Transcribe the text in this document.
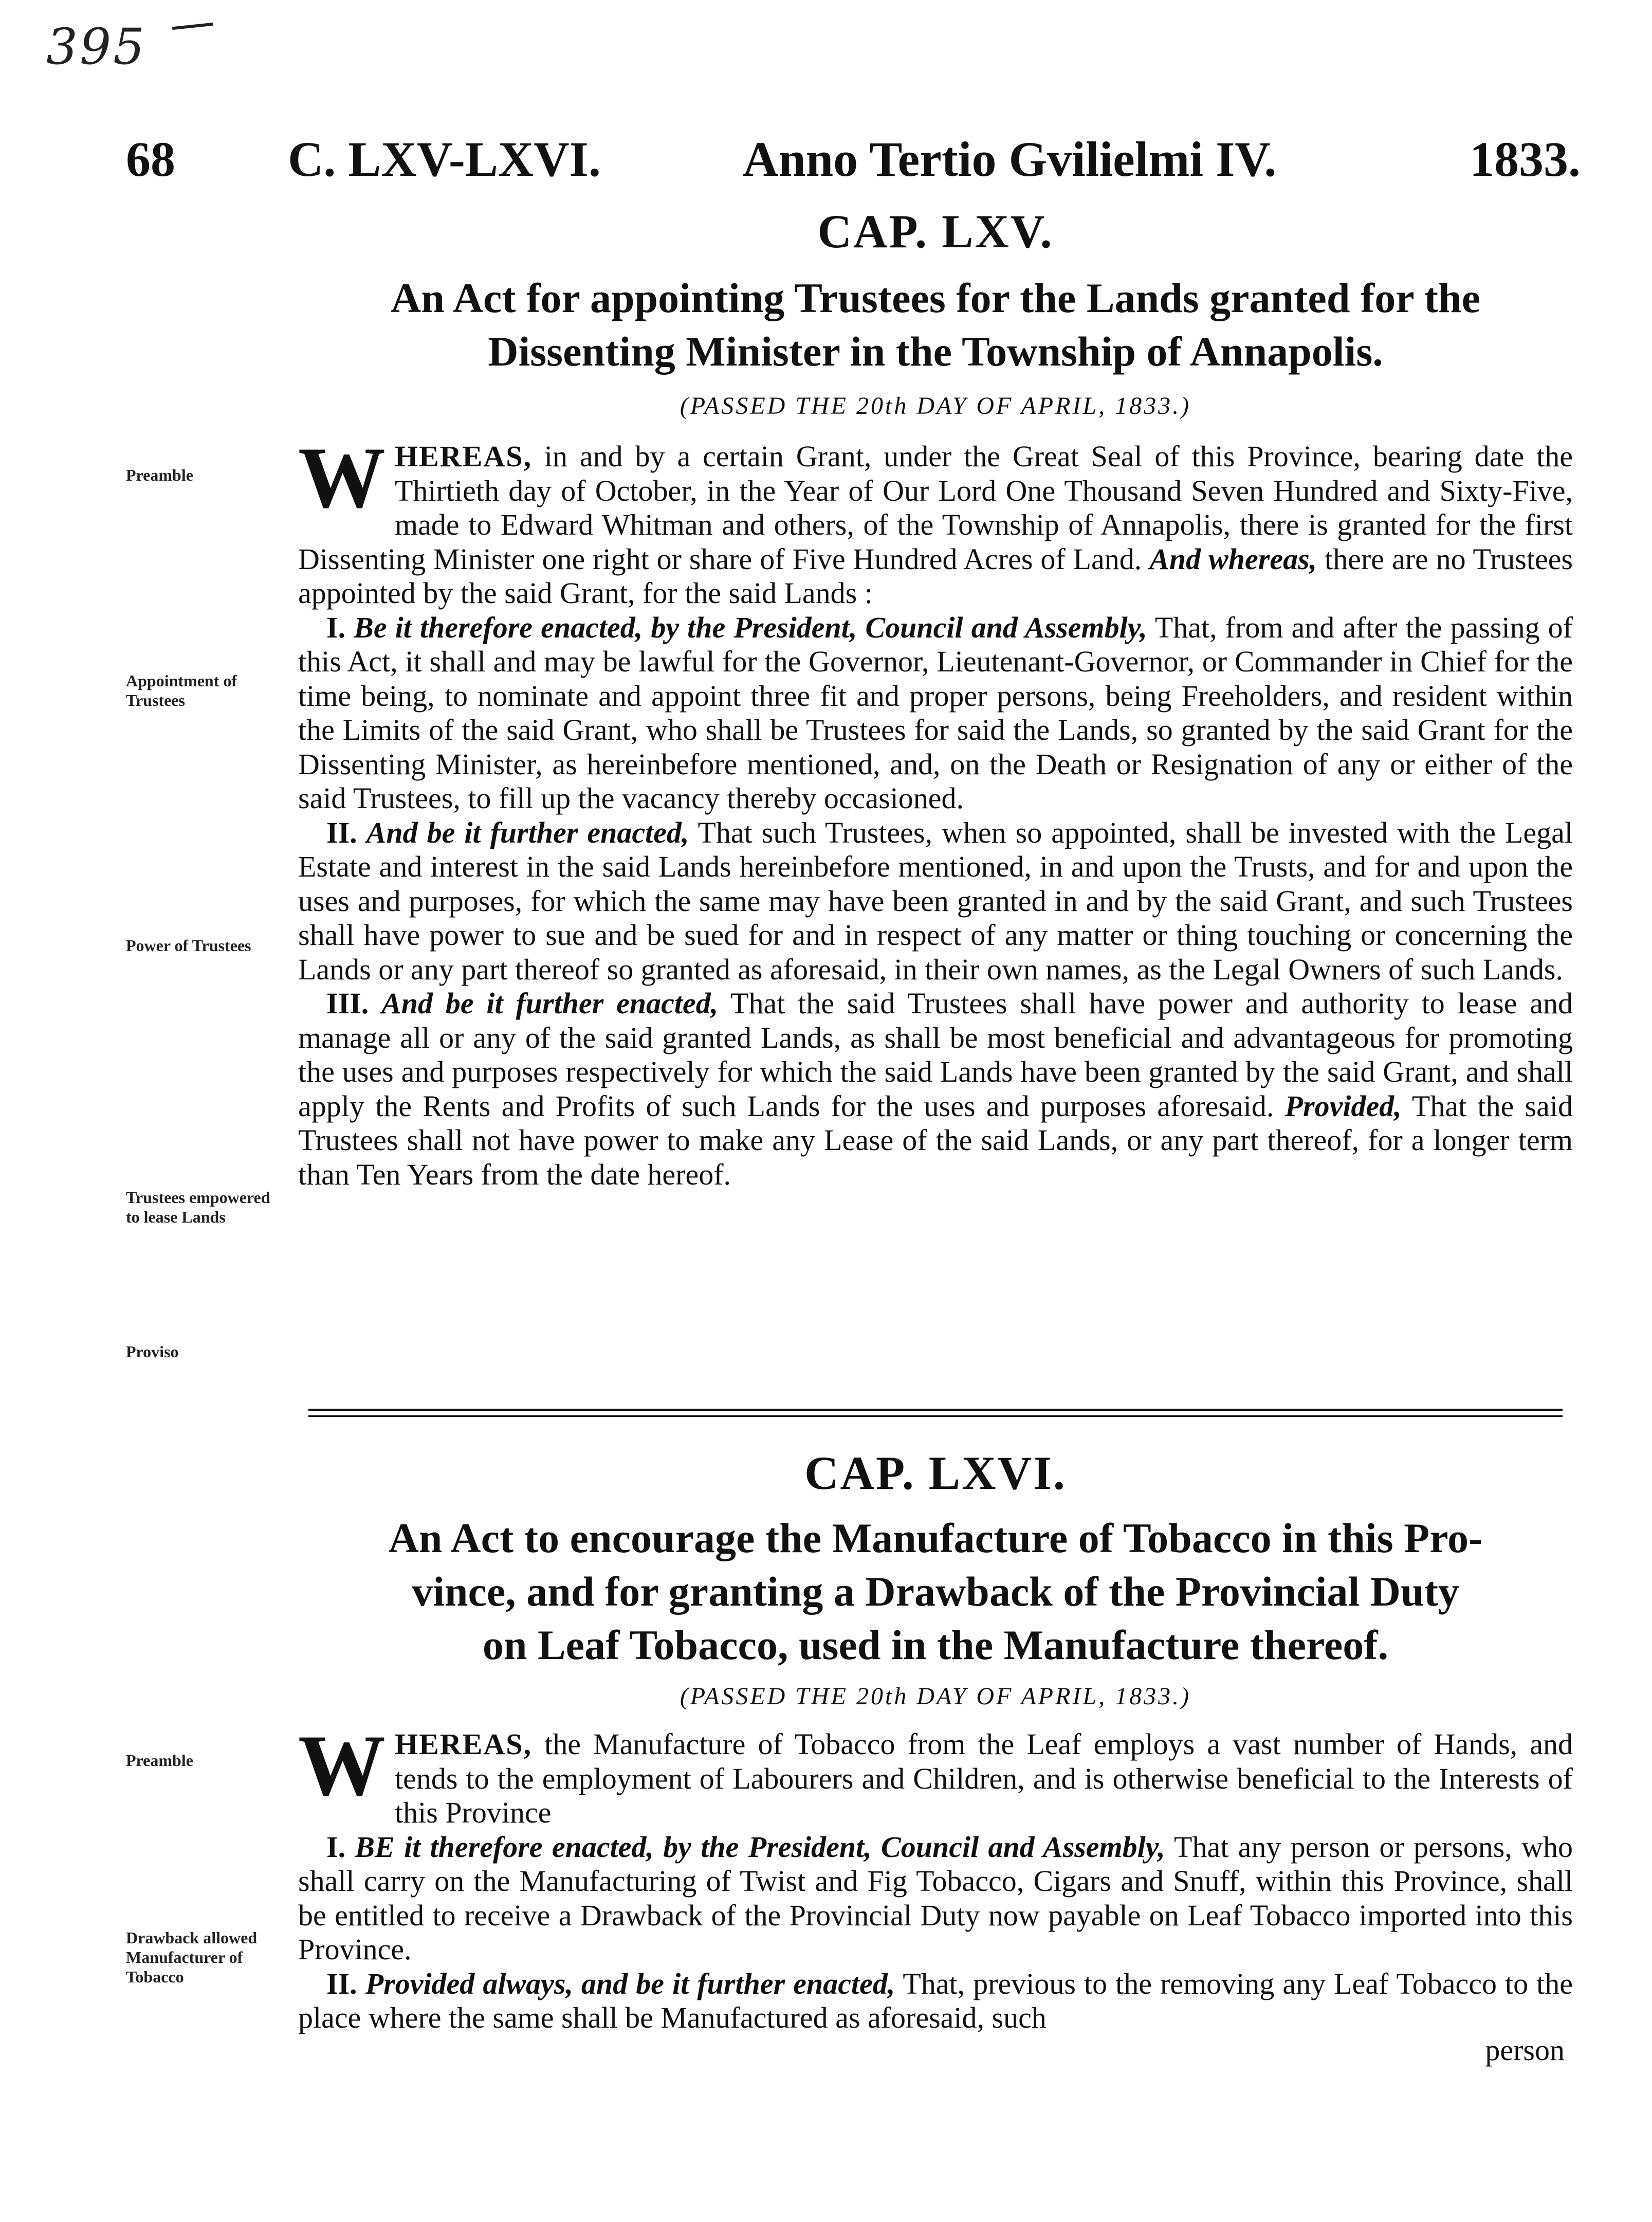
395
68 C. LXV-LXVI.	Anno Tertio Gvilielmi IV.	1833.
CAP. LXV.
An Act for appointing Trustees for the Lands granted for the
Dissenting Minister in the Township of Annapolis.
(PASSED THE 20th DAY OF APRIL, 1833.)
Preamble
Appointment of Trustees
Power of Trustees
Trustees empowered to lease Lands
Proviso

WHEREAS, in and by a certain Grant, under the Great Seal of this Province, bearing date the Thirtieth day of October, in the Year of Our Lord One Thousand Seven Hundred and Sixty-Five, made to Edward Whitman and others, of the Township of Annapolis, there is granted for the first Dissenting Minister one right or share of Five Hundred Acres of Land. And whereas, there are no Trustees appointed by the said Grant, for the said Lands :

I. Be it therefore enacted, by the President, Council and Assembly, That, from and after the passing of this Act, it shall and may be lawful for the Governor, Lieutenant-Governor, or Commander in Chief for the time being, to nominate and appoint three fit and proper persons, being Freeholders, and resident within the Limits of the said Grant, who shall be Trustees for said the Lands, so granted by the said Grant for the Dissenting Minister, as hereinbefore mentioned, and, on the Death or Resignation of any or either of the said Trustees, to fill up the vacancy thereby occasioned.

II. And be it further enacted, That such Trustees, when so appointed, shall be invested with the Legal Estate and interest in the said Lands hereinbefore mentioned, in and upon the Trusts, and for and upon the uses and purposes, for which the same may have been granted in and by the said Grant, and such Trustees shall have power to sue and be sued for and in respect of any matter or thing touching or concerning the Lands or any part thereof so granted as aforesaid, in their own names, as the Legal Owners of such Lands.

III. And be it further enacted, That the said Trustees shall have power and authority to lease and manage all or any of the said granted Lands, as shall be most beneficial and advantageous for promoting the uses and purposes respectively for which the said Lands have been granted by the said Grant, and shall apply the Rents and Profits of such Lands for the uses and purposes aforesaid. Provided, That the said Trustees shall not have power to make any Lease of the said Lands, or any part thereof, for a longer term than Ten Years from the date hereof.

CAP. LXVI.
An Act to encourage the Manufacture of Tobacco in this Pro-
vince, and for granting a Drawback of the Provincial Duty
on Leaf Tobacco, used in the Manufacture thereof.
(PASSED THE 20th DAY OF APRIL, 1833.)
Preamble
Drawback allowed Manufacturer of Tobacco

WHEREAS, the Manufacture of Tobacco from the Leaf employs a vast number of Hands, and tends to the employment of Labourers and Children, and is otherwise beneficial to the Interests of this Province

I. BE it therefore enacted, by the President, Council and Assembly, That any person or persons, who shall carry on the Manufacturing of Twist and Fig Tobacco, Cigars and Snuff, within this Province, shall be entitled to receive a Drawback of the Provincial Duty now payable on Leaf Tobacco imported into this Province.

II. Provided always, and be it further enacted, That, previous to the removing any Leaf Tobacco to the place where the same shall be Manufactured as aforesaid, such

person
